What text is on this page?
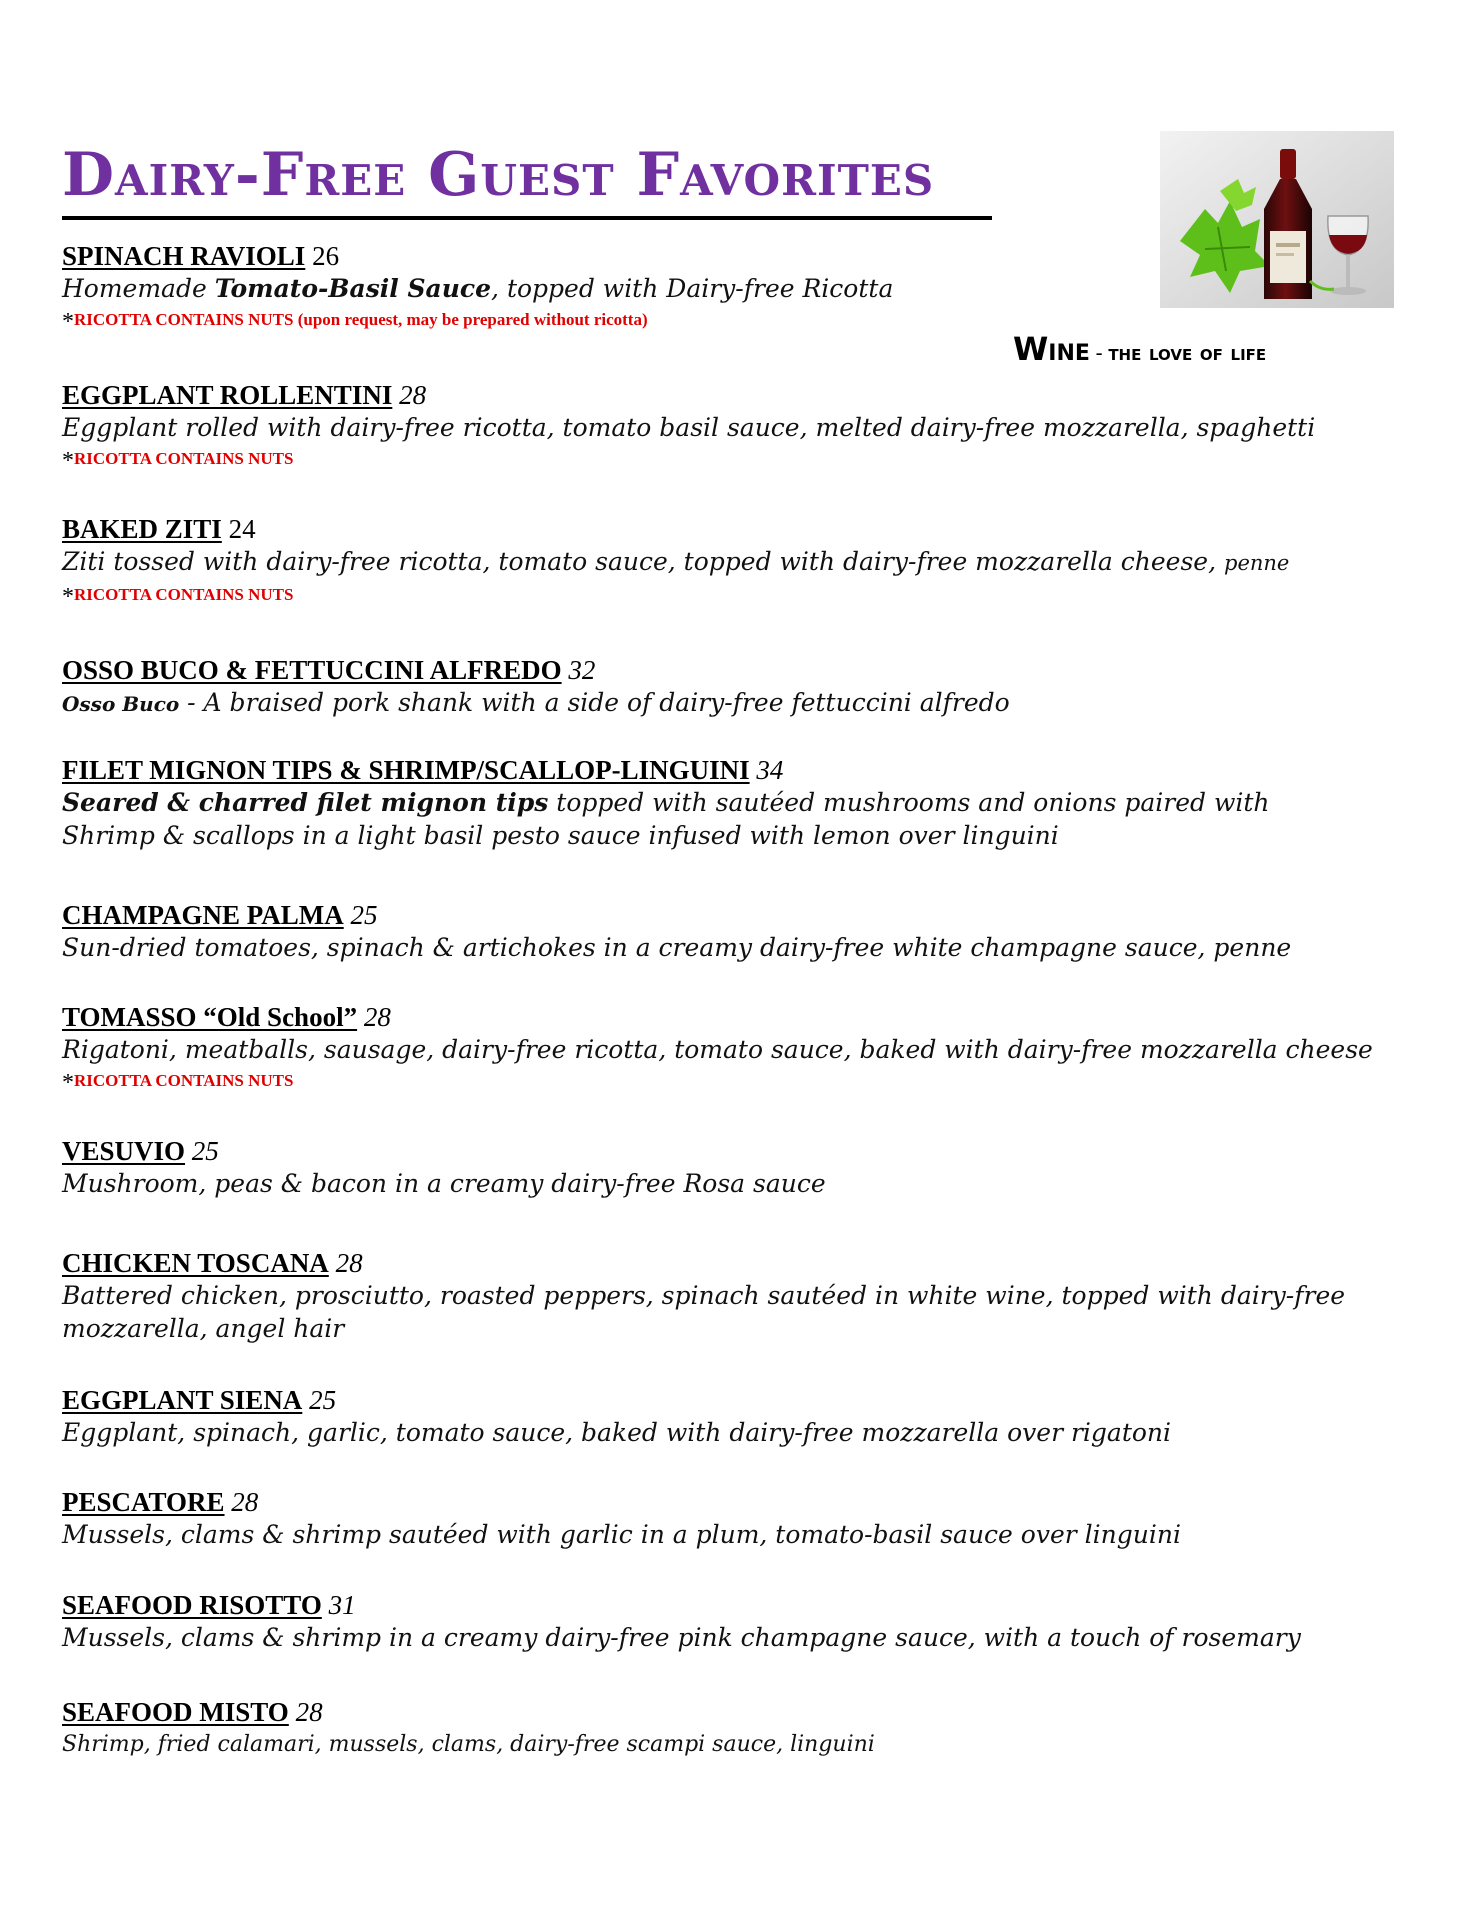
Dairy-Free Guest Favorites
Wine - the love of life
SPINACH RAVIOLI 26

Homemade Tomato-Basil Sauce, topped with Dairy-free Ricotta

*RICOTTA CONTAINS NUTS (upon request, may be prepared without ricotta)
EGGPLANT ROLLENTINI 28

Eggplant rolled with dairy-free ricotta, tomato basil sauce, melted dairy-free mozzarella, spaghetti

*RICOTTA CONTAINS NUTS
BAKED ZITI 24

Ziti tossed with dairy-free ricotta, tomato sauce, topped with dairy-free mozzarella cheese, penne

*RICOTTA CONTAINS NUTS
OSSO BUCO & FETTUCCINI ALFREDO 32

Osso Buco - A braised pork shank with a side of dairy-free fettuccini alfredo

FILET MIGNON TIPS & SHRIMP/SCALLOP-LINGUINI 34

Seared & charred filet mignon tips topped with sautéed mushrooms and onions paired with

Shrimp & scallops in a light basil pesto sauce infused with lemon over linguini

CHAMPAGNE PALMA 25

Sun-dried tomatoes, spinach & artichokes in a creamy dairy-free white champagne sauce, penne

TOMASSO “Old School” 28

Rigatoni, meatballs, sausage, dairy-free ricotta, tomato sauce, baked with dairy-free mozzarella cheese

*RICOTTA CONTAINS NUTS
VESUVIO 25

Mushroom, peas & bacon in a creamy dairy-free Rosa sauce

CHICKEN TOSCANA 28

Battered chicken, prosciutto, roasted peppers, spinach sautéed in white wine, topped with dairy-free

mozzarella, angel hair

EGGPLANT SIENA 25

Eggplant, spinach, garlic, tomato sauce, baked with dairy-free mozzarella over rigatoni

PESCATORE 28

Mussels, clams & shrimp sautéed with garlic in a plum, tomato-basil sauce over linguini

SEAFOOD RISOTTO 31

Mussels, clams & shrimp in a creamy dairy-free pink champagne sauce, with a touch of rosemary

SEAFOOD MISTO 28

Shrimp, fried calamari, mussels, clams, dairy-free scampi sauce, linguini
